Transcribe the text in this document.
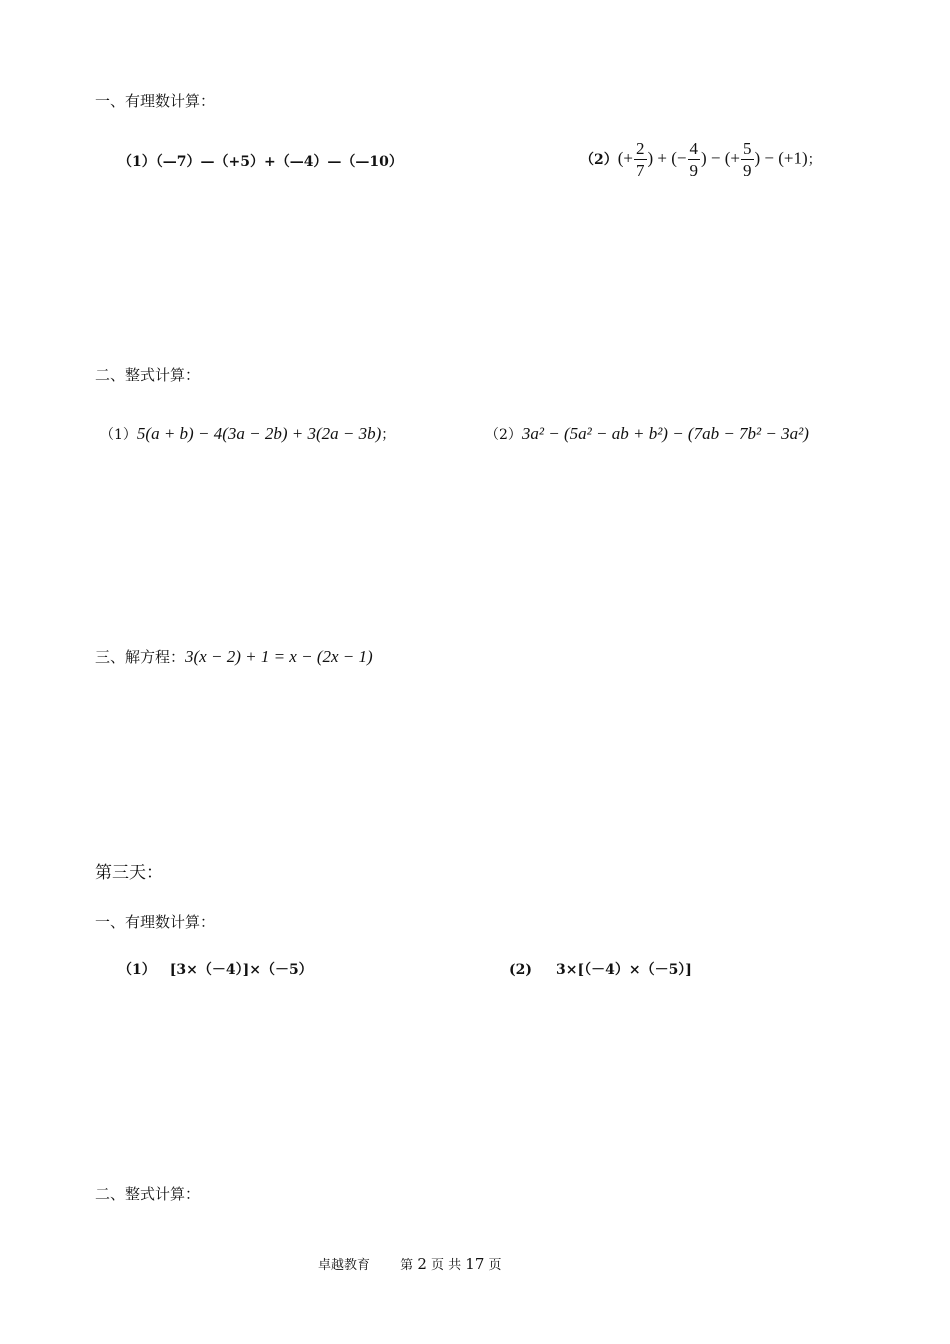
一、有理数计算：
（1）（—7）—（+5）+（—4）—（—10）	（2） (+ $\frac{2}{7}$ ) + (− $\frac{4}{9}$ ) − (+ $\frac{5}{9}$ ) − (+1) ；
二、整式计算：
（1）5(a + b) − 4(3a − 2b) + 3(2a − 3b)；	（2）3a² − (5a² − ab + b²) − (7ab − 7b² − 3a²)
三、解方程：3(x − 2) + 1 = x − (2x − 1)
第三天：
一、有理数计算：
（1） [3×（－4）]×（－5）	(2) 3×[（－4）×（－5）]
二、整式计算：
卓越教育 第 2 页 共 17 页
